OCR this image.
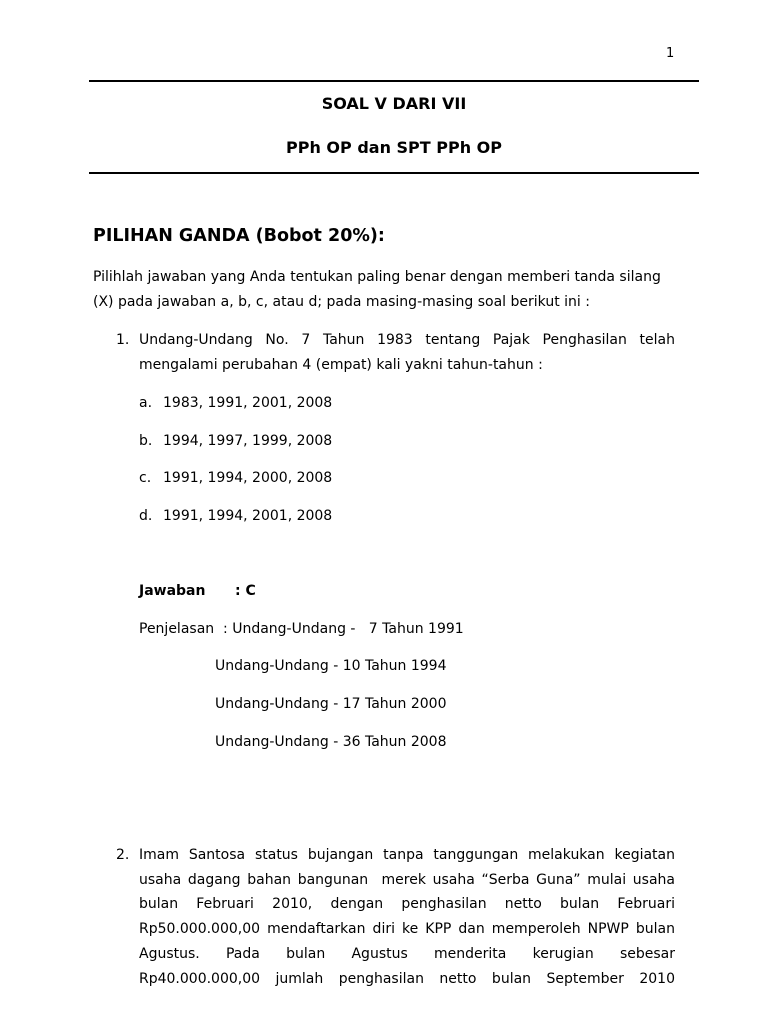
1
SOAL V DARI VII
PPh OP dan SPT PPh OP
PILIHAN GANDA (Bobot 20%):
Pilihlah jawaban yang Anda tentukan paling benar dengan memberi tanda silang
(X) pada jawaban a, b, c, atau d; pada masing-masing soal berikut ini :
1. Undang-Undang No. 7 Tahun 1983 tentang Pajak Penghasilan telah
mengalami perubahan 4 (empat) kali yakni tahun-tahun :
a. 1983, 1991, 2001, 2008
b. 1994, 1997, 1999, 2008
c. 1991, 1994, 2000, 2008
d. 1991, 1994, 2001, 2008
Jawaban : C
Penjelasan  : Undang-Undang -   7 Tahun 1991
Undang-Undang - 10 Tahun 1994
Undang-Undang - 17 Tahun 2000
Undang-Undang - 36 Tahun 2008
2. Imam Santosa status bujangan tanpa tanggungan melakukan kegiatan
usaha dagang bahan bangunan  merek usaha “Serba Guna” mulai usaha
bulan Februari 2010, dengan penghasilan netto bulan Februari
Rp50.000.000,00 mendaftarkan diri ke KPP dan memperoleh NPWP bulan
Agustus. Pada bulan Agustus menderita kerugian sebesar
Rp40.000.000,00 jumlah penghasilan netto bulan September 2010
